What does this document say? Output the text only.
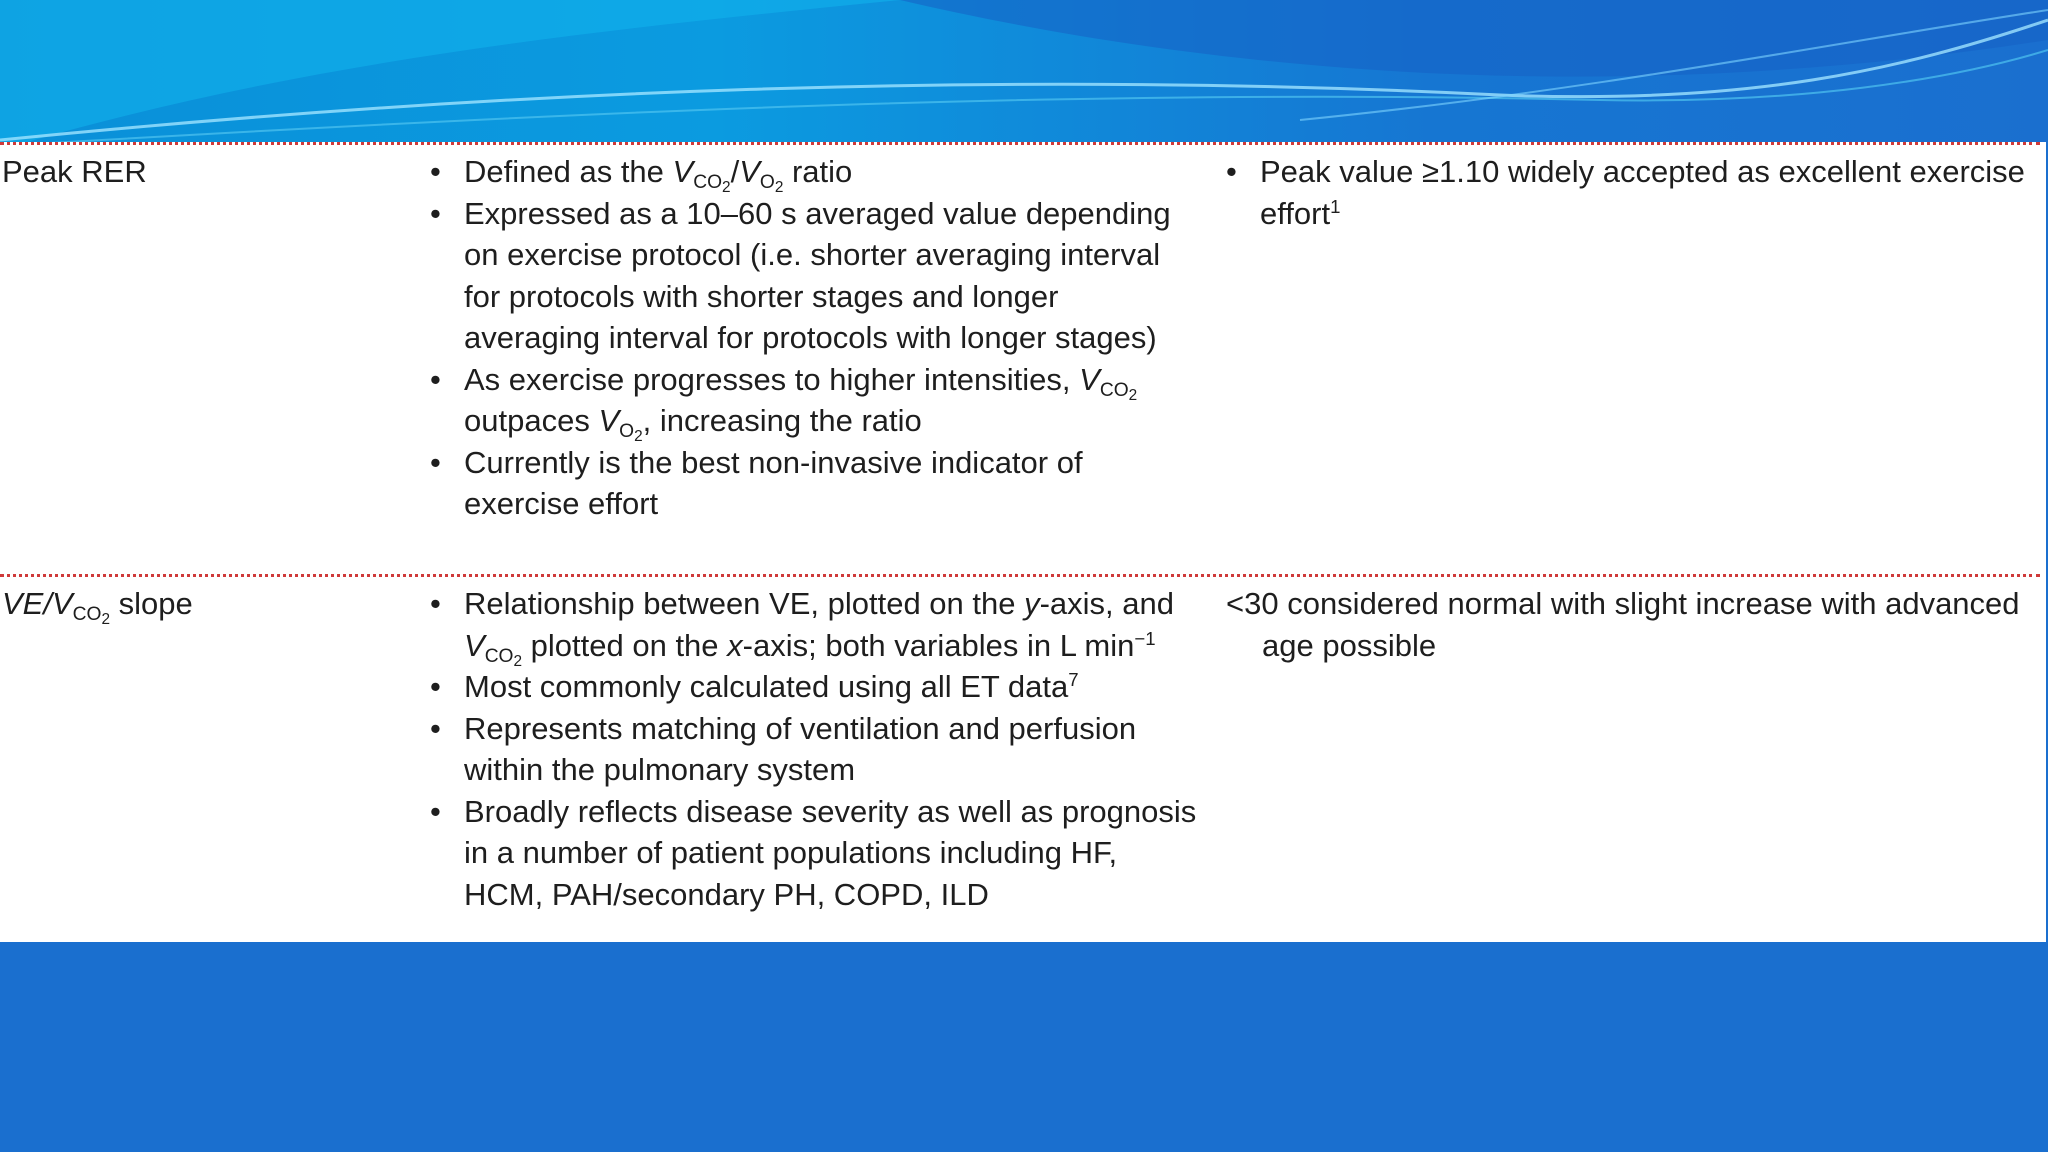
Peak RER	• Defined as the $V_{CO_2}/V_{O_2}$ ratio
• Expressed as a 10–60 s averaged value depending on exercise protocol (i.e. shorter averaging interval for protocols with shorter stages and longer averaging interval for protocols with longer stages)
• As exercise progresses to higher intensities, $V_{CO_2}$ outpaces $V_{O_2}$, increasing the ratio
• Currently is the best non-invasive indicator of exercise effort
• Peak value ≥1.10 widely accepted as excellent exercise effort$^1$
$VE/V_{CO_2}$ slope	• Relationship between VE, plotted on the y-axis, and $V_{CO_2}$ plotted on the x-axis; both variables in L $\min^{-1}$
• Most commonly calculated using all ET data$^7$
• Represents matching of ventilation and perfusion within the pulmonary system
• Broadly reflects disease severity as well as prognosis in a number of patient populations including HF, HCM, PAH/secondary PH, COPD, ILD
<30 considered normal with slight increase with advanced age possible
